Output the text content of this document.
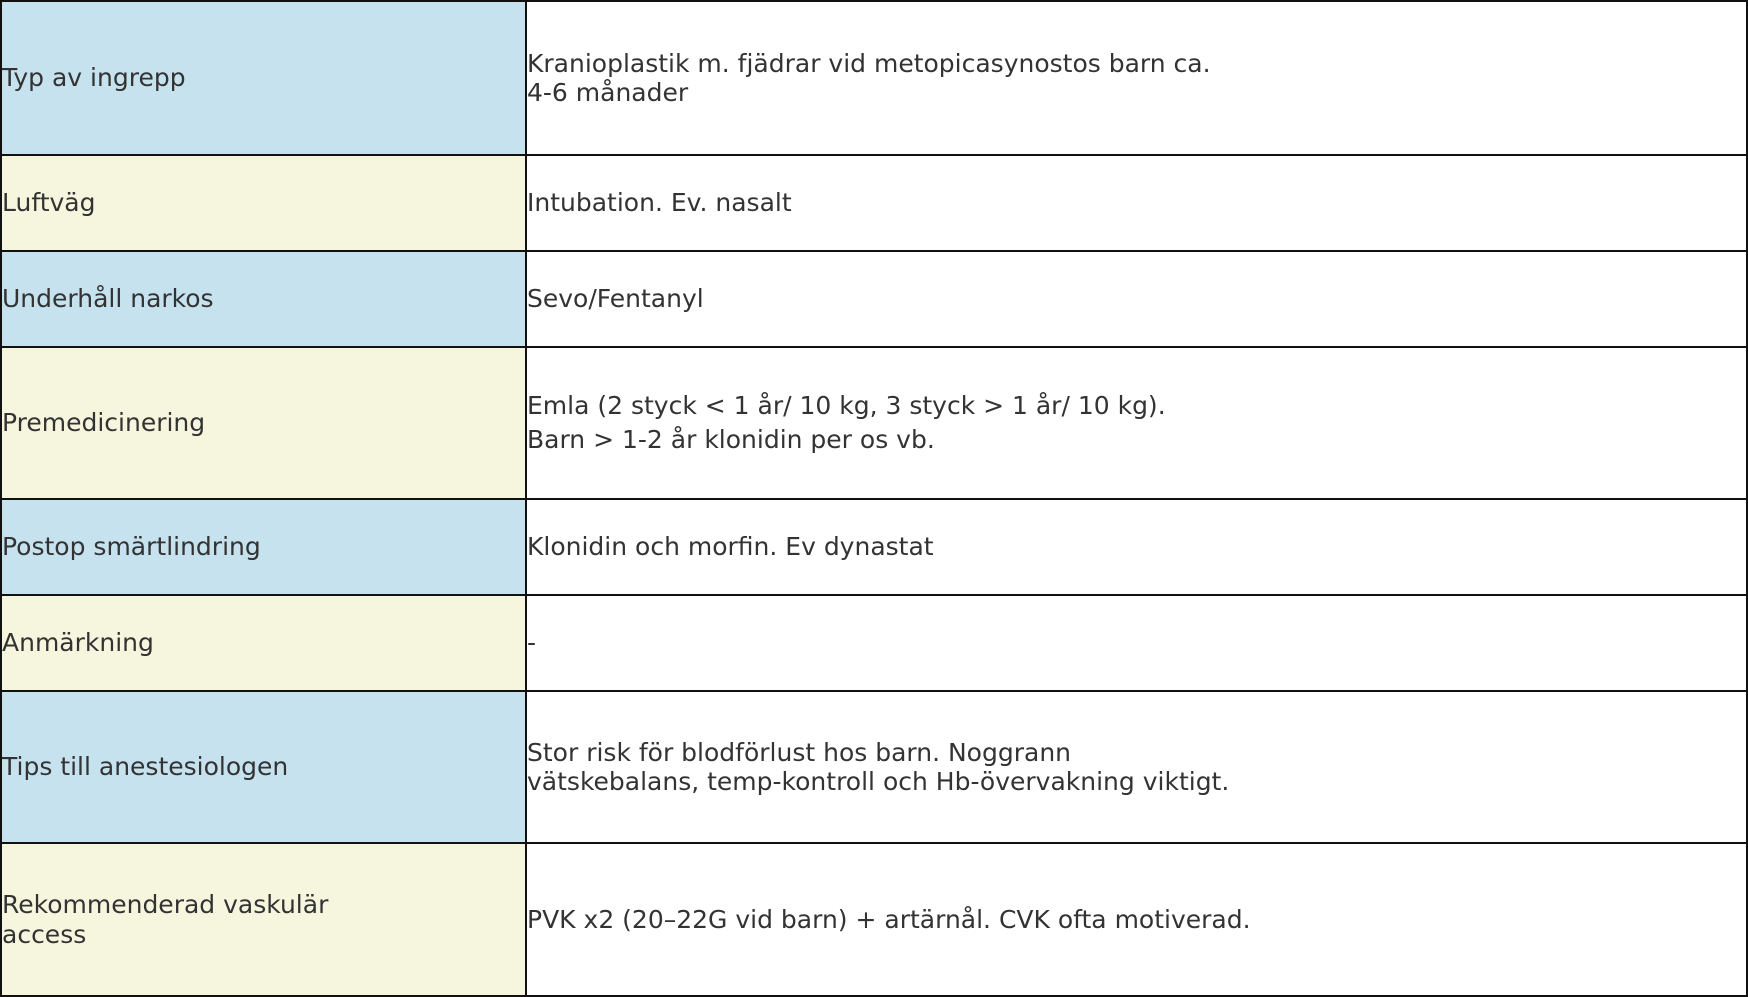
Typ av ingrepp	Kranioplastik m. fjädrar vid metopicasynostos barn ca.
4-6 månader

Luftväg	Intubation. Ev. nasalt

Underhåll narkos	Sevo/Fentanyl

Premedicinering	Emla (2 styck < 1 år/ 10 kg, 3 styck > 1 år/ 10 kg).
Barn > 1-2 år klonidin per os vb.

Postop smärtlindring	Klonidin och morfin. Ev dynastat

Anmärkning	-

Tips till anestesiologen	Stor risk för blodförlust hos barn. Noggrann
vätskebalans, temp-kontroll och Hb-övervakning viktigt.

Rekommenderad vaskulär
access	PVK x2 (20–22G vid barn) + artärnål. CVK ofta motiverad.
